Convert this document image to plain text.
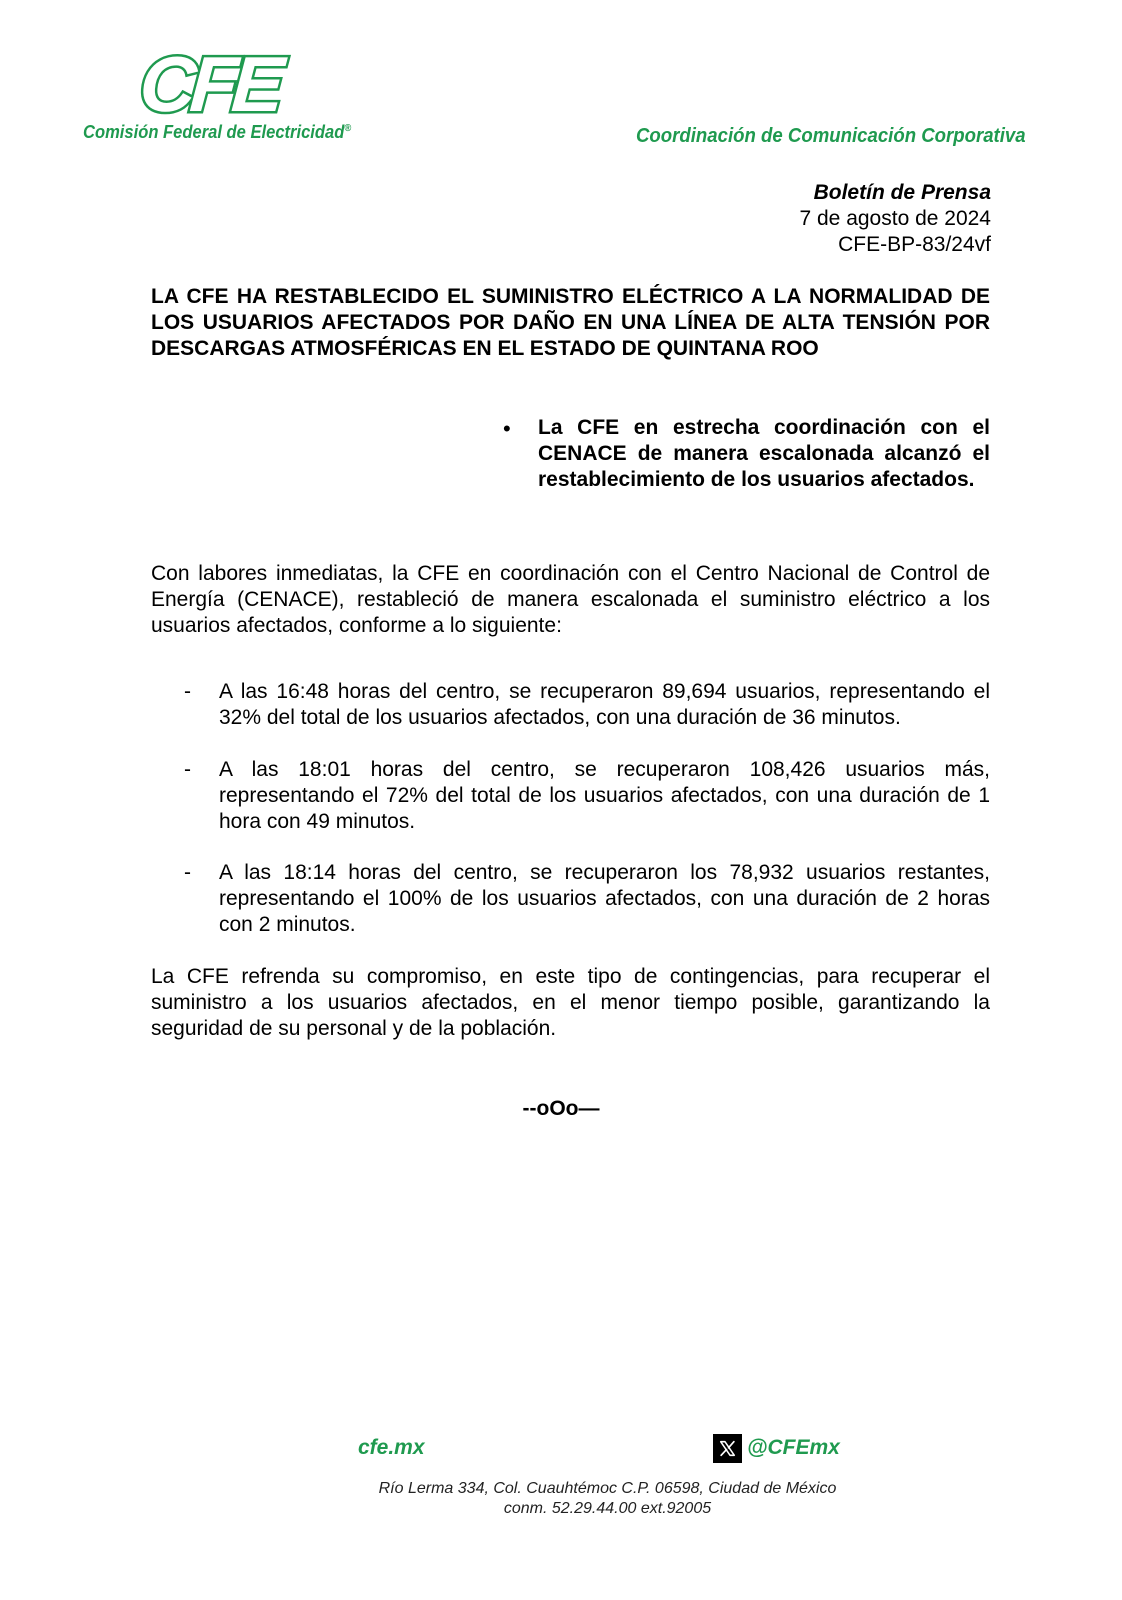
CFE
Comisión Federal de Electricidad®	Coordinación de Comunicación Corporativa
Boletín de Prensa
7 de agosto de 2024
CFE-BP-83/24vf
LA CFE HA RESTABLECIDO EL SUMINISTRO ELÉCTRICO A LA NORMALIDAD DE LOS USUARIOS AFECTADOS POR DAÑO EN UNA LÍNEA DE ALTA TENSIÓN POR DESCARGAS ATMOSFÉRICAS EN EL ESTADO DE QUINTANA ROO
• La CFE en estrecha coordinación con el CENACE de manera escalonada alcanzó el restablecimiento de los usuarios afectados.
Con labores inmediatas, la CFE en coordinación con el Centro Nacional de Control de Energía (CENACE), restableció de manera escalonada el suministro eléctrico a los usuarios afectados, conforme a lo siguiente:
- A las 16:48 horas del centro, se recuperaron 89,694 usuarios, representando el 32% del total de los usuarios afectados, con una duración de 36 minutos.
- A las 18:01 horas del centro, se recuperaron 108,426 usuarios más, representando el 72% del total de los usuarios afectados, con una duración de 1 hora con 49 minutos.
- A las 18:14 horas del centro, se recuperaron los 78,932 usuarios restantes, representando el 100% de los usuarios afectados, con una duración de 2 horas con 2 minutos.
La CFE refrenda su compromiso, en este tipo de contingencias, para recuperar el suministro a los usuarios afectados, en el menor tiempo posible, garantizando la seguridad de su personal y de la población.
--oOo—
cfe.mx	@CFEmx
Río Lerma 334, Col. Cuauhtémoc C.P. 06598, Ciudad de México
conm. 52.29.44.00 ext.92005
